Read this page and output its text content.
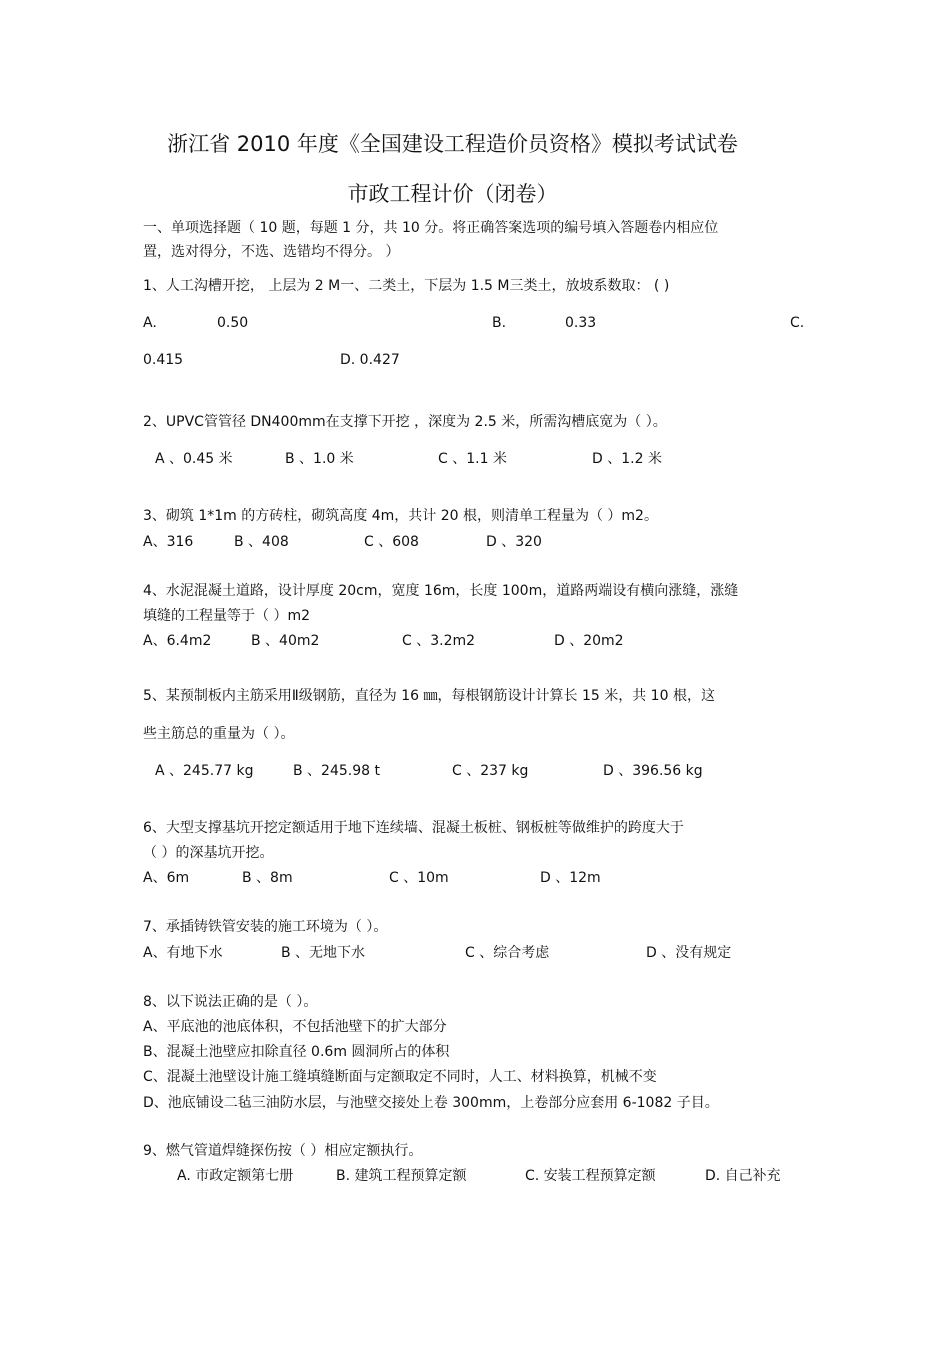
浙江省 2010 年度《全国建设工程造价员资格》模拟考试试卷
市政工程计价（闭卷）
一、单项选择题（ 10 题，每题 1 分，共 10 分。将正确答案选项的编号填入答题卷内相应位
置，选对得分，不选、选错均不得分。 ）
1、人工沟槽开挖， 上层为 2 M一、二类土，下层为 1.5 M三类土，放坡系数取： ( )
A.	0.50	B.	0.33	C.
0.415	D. 0.427
2、UPVC管管径 DN400mm在支撑下开挖 ，深度为 2.5 米，所需沟槽底宽为（ ）。
A 、0.45 米	B 、1.0 米	C 、1.1 米	D 、1.2 米
3、砌筑 1*1m 的方砖柱，砌筑高度 4m，共计 20 根，则清单工程量为（ ）m2。
A、316	B 、408	C 、608	D 、320
4、水泥混凝土道路，设计厚度 20cm，宽度 16m，长度 100m，道路两端设有横向涨缝，涨缝
填缝的工程量等于（ ）m2
A、6.4m2	B 、40m2	C 、3.2m2	D 、20m2
5、某预制板内主筋采用Ⅱ级钢筋，直径为 16 ㎜，每根钢筋设计计算长 15 米，共 10 根，这
些主筋总的重量为（ ）。
A 、245.77 kg	B 、245.98 t	C 、237 kg	D 、396.56 kg
6、大型支撑基坑开挖定额适用于地下连续墙、混凝土板桩、钢板桩等做维护的跨度大于
（ ）的深基坑开挖。
A、6m	B 、8m	C 、10m	D 、12m
7、承插铸铁管安装的施工环境为（ ）。
A、有地下水	B 、无地下水	C 、综合考虑	D 、没有规定
8、以下说法正确的是（ ）。
A、平底池的池底体积，不包括池壁下的扩大部分
B、混凝土池壁应扣除直径 0.6m 圆洞所占的体积
C、混凝土池壁设计施工缝填缝断面与定额取定不同时，人工、材料换算，机械不变
D、池底铺设二毡三油防水层，与池壁交接处上卷 300mm，上卷部分应套用 6-1082 子目。
9、燃气管道焊缝探伤按（ ）相应定额执行。
A. 市政定额第七册	B. 建筑工程预算定额	C. 安装工程预算定额	D. 自己补充
